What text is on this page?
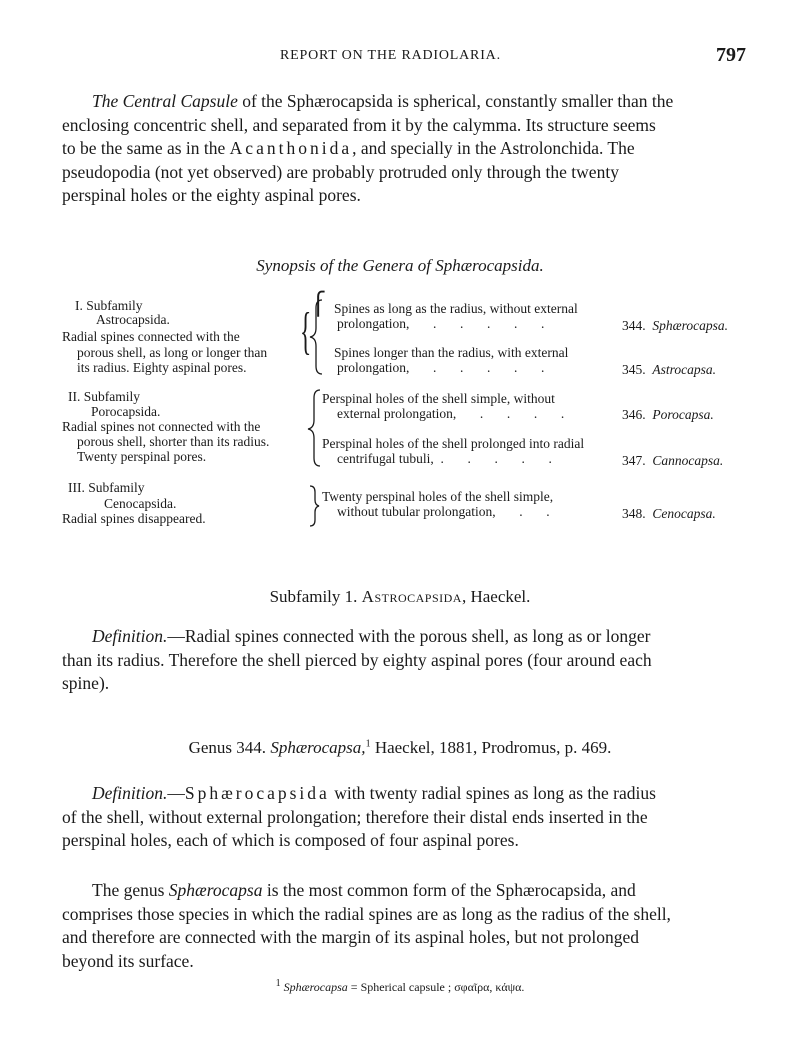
REPORT ON THE RADIOLARIA.	797
The Central Capsule of the Sphærocapsida is spherical, constantly smaller than the
enclosing concentric shell, and separated from it by the calymma. Its structure seems
to be the same as in the Acanthonida, and specially in the Astrolonchida. The
pseudopodia (not yet observed) are probably protruded only through the twenty
perspinal holes or the eighty aspinal pores.
Synopsis of the Genera of Sphærocapsida.
I. Subfamily
Astrocapsida.
Radial spines connected with the
porous shell, as long or longer than
its radius. Eighty aspinal pores.
{
⎧ Spines as long as the radius, without external
prolongation,       .       .       .       .       .	344. Sphærocapsa.
Spines longer than the radius, with external
prolongation,       .       .       .       .       .	345. Astrocapsa.
II. Subfamily
Porocapsida.
Radial spines not connected with the
porous shell, shorter than its radius.
Twenty perspinal pores.
Perspinal holes of the shell simple, without
external prolongation,       .       .       .       .	346. Porocapsa.
Perspinal holes of the shell prolonged into radial
centrifugal tubuli,  .       .       .       .       .	347. Cannocapsa.
III. Subfamily
Cenocapsida.
Radial spines disappeared.
Twenty perspinal holes of the shell simple,
without tubular prolongation,       .       .	348. Cenocapsa.
Subfamily 1. Astrocapsida, Haeckel.
Definition.—Radial spines connected with the porous shell, as long as or longer
than its radius. Therefore the shell pierced by eighty aspinal pores (four around each
spine).
Genus 344. Sphærocapsa,$^1$ Haeckel, 1881, Prodromus, p. 469.
Definition.—Sphærocapsida with twenty radial spines as long as the radius
of the shell, without external prolongation; therefore their distal ends inserted in the
perspinal holes, each of which is composed of four aspinal pores.
The genus Sphærocapsa is the most common form of the Sphærocapsida, and
comprises those species in which the radial spines are as long as the radius of the shell,
and therefore are connected with the margin of its aspinal holes, but not prolonged
beyond its surface.
$^1$ Sphærocapsa = Spherical capsule ; σφαῖρα, κάψα.
